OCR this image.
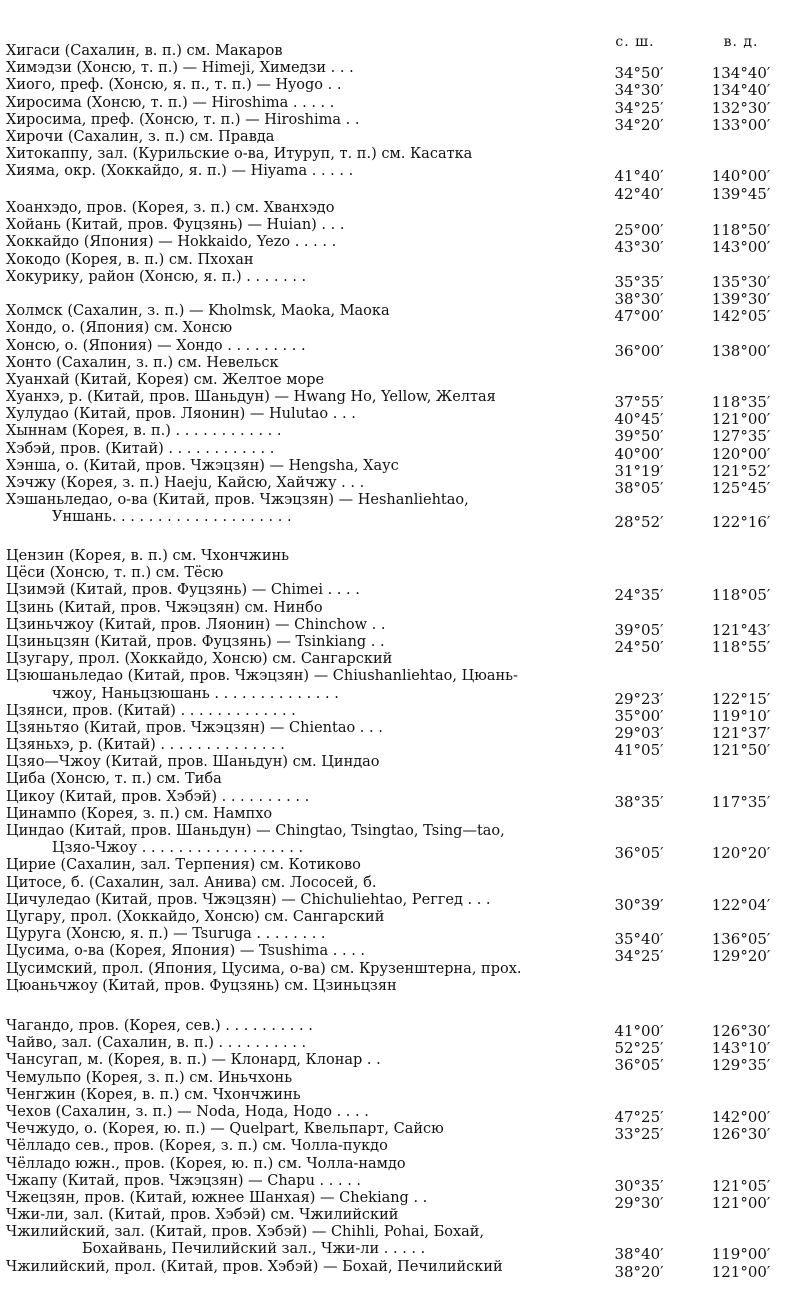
с. ш.	в. д.
Хигаси (Сахалин, в. п.) см. Макаров
Химэдзи (Хонсю, т. п.) — Himeji, Химедзи . . .	34°50′	134°40′
Хиого, преф. (Хонсю, я. п., т. п.) — Hyogo . .	34°30′	134°40′
Хиросима (Хонсю, т. п.) — Hiroshima . . . . .	34°25′	132°30′
Хиросима, преф. (Хонсю, т. п.) — Hiroshima . .	34°20′	133°00′
Хирочи (Сахалин, з. п.) см. Правда
Хитокаппу, зал. (Курильские о-ва, Итуруп, т. п.) см. Касатка
Хияма, окр. (Хоккайдо, я. п.) — Hiyama . . . . .	41°40′	140°00′
42°40′	139°45′
Хоанхэдо, пров. (Корея, з. п.) см. Хванхэдо
Хойань (Китай, пров. Фуцзянь) — Huian) . . .	25°00′	118°50′
Хоккайдо (Япония) — Hokkaido, Yezo . . . . .	43°30′	143°00′
Хокодо (Корея, в. п.) см. Пхохан
Хокурику, район (Хонсю, я. п.) . . . . . . .	35°35′	135°30′
38°30′	139°30′
Холмск (Сахалин, з. п.) — Kholmsk, Maoka, Маока	47°00′	142°05′
Хондо, о. (Япония) см. Хонсю
Хонсю, о. (Япония) — Хондо . . . . . . . . .	36°00′	138°00′
Хонто (Сахалин, з. п.) см. Невельск
Хуанхай (Китай, Корея) см. Желтое море
Хуанхэ, р. (Китай, пров. Шаньдун) — Hwang Ho, Yellow, Желтая	37°55′	118°35′
Хулудао (Китай, пров. Ляонин) — Hulutao . . .	40°45′	121°00′
Хыннам (Корея, в. п.) . . . . . . . . . . . .	39°50′	127°35′
Хэбэй, пров. (Китай) . . . . . . . . . . . .	40°00′	120°00′
Хэнша, о. (Китай, пров. Чжэцзян) — Hengsha, Хаус	31°19′	121°52′
Хэчжу (Корея, з. п.) Haeju, Кайсю, Хайчжу . . .	38°05′	125°45′
Хэшаньледао, о-ва (Китай, пров. Чжэцзян) — Heshanliehtao,
Уншань. . . . . . . . . . . . . . . . . . . .	28°52′	122°16′
Цензин (Корея, в. п.) см. Чхончжинь
Цёси (Хонсю, т. п.) см. Тёсю
Цзимэй (Китай, пров. Фуцзянь) — Chimei . . . .	24°35′	118°05′
Цзинь (Китай, пров. Чжэцзян) см. Нинбо
Цзиньчжоу (Китай, пров. Ляонин) — Chinchow . .	39°05′	121°43′
Цзиньцзян (Китай, пров. Фуцзянь) — Tsinkiang . .	24°50′	118°55′
Цзугару, прол. (Хоккайдо, Хонсю) см. Сангарский
Цзюшаньледао (Китай, пров. Чжэцзян) — Chiushanliehtao, Цюань-
чжоу, Наньцзюшань . . . . . . . . . . . . . .	29°23′	122°15′
Цзянси, пров. (Китай) . . . . . . . . . . . . .	35°00′	119°10′
Цзяньтяо (Китай, пров. Чжэцзян) — Chientao . . .	29°03′	121°37′
Цзяньхэ, р. (Китай) . . . . . . . . . . . . . .	41°05′	121°50′
Цзяо—Чжоу (Китай, пров. Шаньдун) см. Циндао
Циба (Хонсю, т. п.) см. Тиба
Цикоу (Китай, пров. Хэбэй) . . . . . . . . . .	38°35′	117°35′
Цинампо (Корея, з. п.) см. Нампхо
Циндао (Китай, пров. Шаньдун) — Chingtao, Tsingtao, Tsing—tao,
Цзяо-Чжоу . . . . . . . . . . . . . . . . . .	36°05′	120°20′
Цирие (Сахалин, зал. Терпения) см. Котиково
Цитосе, б. (Сахалин, зал. Анива) см. Лососей, б.
Цичуледао (Китай, пров. Чжэцзян) — Chichuliehtao, Реггед . . .	30°39′	122°04′
Цугару, прол. (Хоккайдо, Хонсю) см. Сангарский
Цуруга (Хонсю, я. п.) — Tsuruga . . . . . . . .	35°40′	136°05′
Цусима, о-ва (Корея, Япония) — Tsushima . . . .	34°25′	129°20′
Цусимский, прол. (Япония, Цусима, о-ва) см. Крузенштерна, прох.
Цюаньчжоу (Китай, пров. Фуцзянь) см. Цзиньцзян
Чагандо, пров. (Корея, сев.) . . . . . . . . . .	41°00′	126°30′
Чайво, зал. (Сахалин, в. п.) . . . . . . . . . .	52°25′	143°10′
Чансугап, м. (Корея, в. п.) — Клонард, Клонар . .	36°05′	129°35′
Чемульпо (Корея, з. п.) см. Иньчхонь
Ченгжин (Корея, в. п.) см. Чхончжинь
Чехов (Сахалин, з. п.) — Noda, Нода, Нодо . . . .	47°25′	142°00′
Чечжудо, о. (Корея, ю. п.) — Quelpart, Квельпарт, Сайсю	33°25′	126°30′
Чёлладо сев., пров. (Корея, з. п.) см. Чолла-пукдо
Чёлладо южн., пров. (Корея, ю. п.) см. Чолла-намдо
Чжапу (Китай, пров. Чжэцзян) — Chapu . . . . .	30°35′	121°05′
Чжецзян, пров. (Китай, южнее Шанхая) — Chekiang . .	29°30′	121°00′
Чжи-ли, зал. (Китай, пров. Хэбэй) см. Чжилийский
Чжилийский, зал. (Китай, пров. Хэбэй) — Chihli, Pohai, Бохай,
Бохайвань, Печилийский зал., Чжи-ли . . . . .	38°40′	119°00′
Чжилийский, прол. (Китай, пров. Хэбэй) — Бохай, Печилийский	38°20′	121°00′
